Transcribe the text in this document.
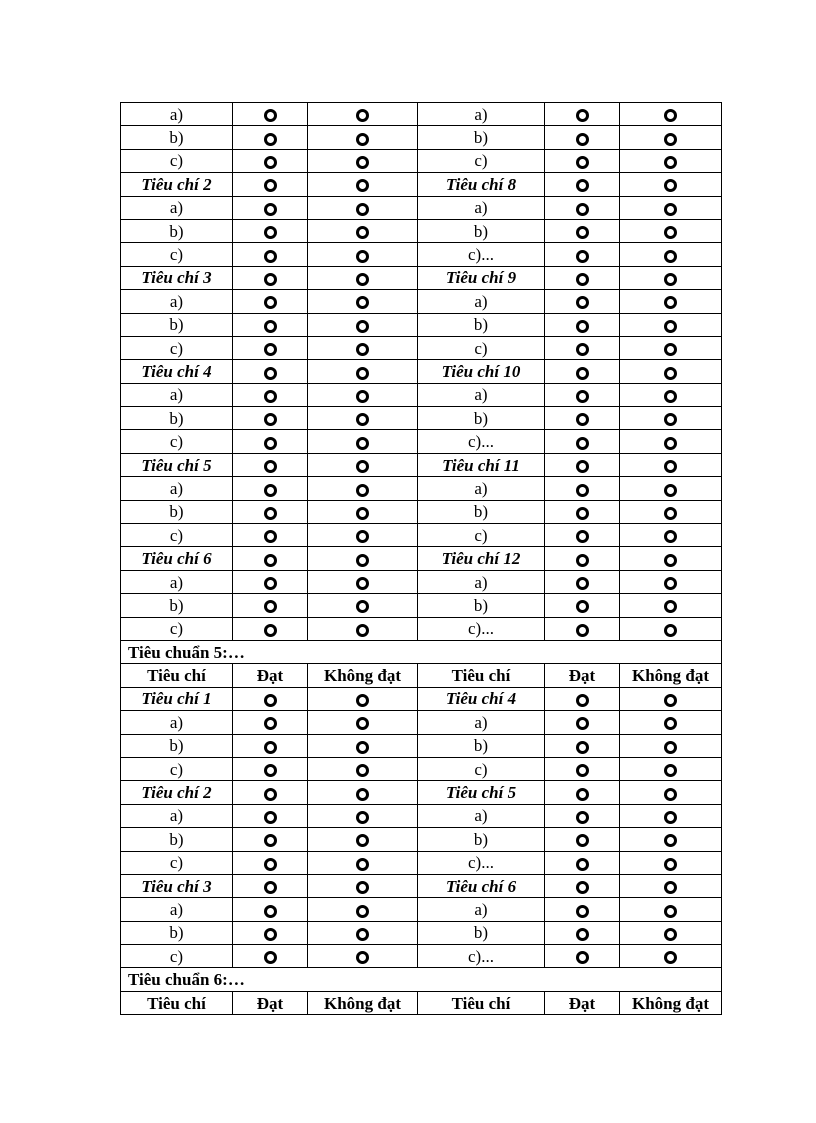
a)			a)		
b)			b)		
c)			c)		
Tiêu chí 2			Tiêu chí 8		
a)			a)		
b)			b)		
c)			c)...		
Tiêu chí 3			Tiêu chí 9		
a)			a)		
b)			b)		
c)			c)		
Tiêu chí 4			Tiêu chí 10		
a)			a)		
b)			b)		
c)			c)...		
Tiêu chí 5			Tiêu chí 11		
a)			a)		
b)			b)		
c)			c)		
Tiêu chí 6			Tiêu chí 12		
a)			a)		
b)			b)		
c)			c)...		
Tiêu chuẩn 5:…					
Tiêu chí	Đạt	Không đạt	Tiêu chí	Đạt	Không đạt
Tiêu chí 1			Tiêu chí 4		
a)			a)		
b)			b)		
c)			c)		
Tiêu chí 2			Tiêu chí 5		
a)			a)		
b)			b)		
c)			c)...		
Tiêu chí 3			Tiêu chí 6		
a)			a)		
b)			b)		
c)			c)...		
Tiêu chuẩn 6:…					
Tiêu chí	Đạt	Không đạt	Tiêu chí	Đạt	Không đạt
